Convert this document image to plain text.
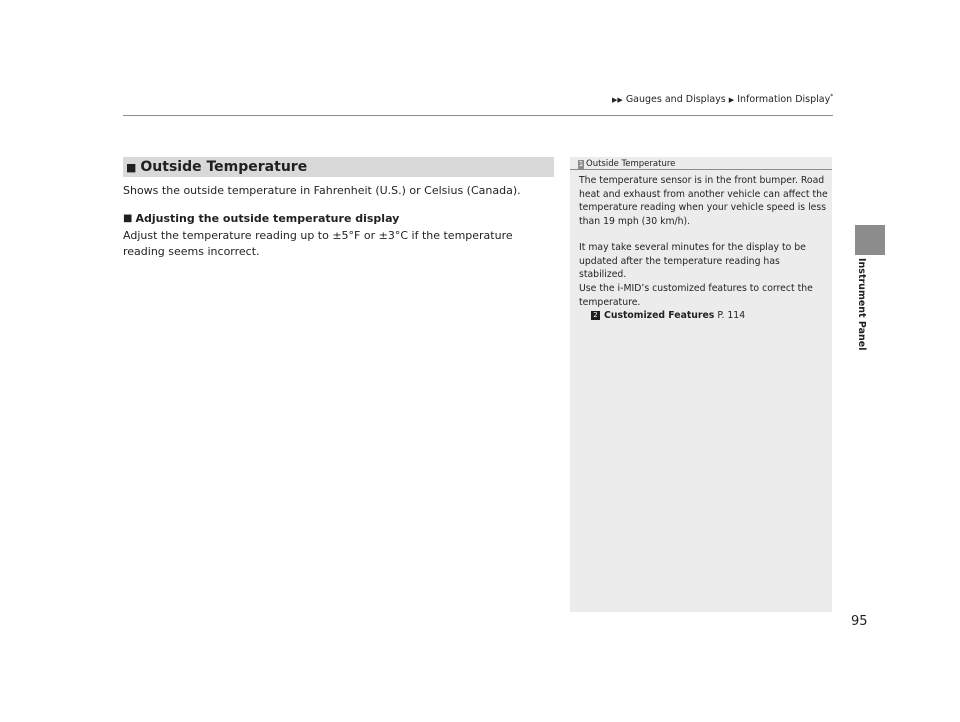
▶▶ Gauges and Displays ▶ Information Display*
Instrument Panel
95
■ Outside Temperature
Shows the outside temperature in Fahrenheit (U.S.) or Celsius (Canada).
■ Adjusting the outside temperature display
Adjust the temperature reading up to ±5°F or ±3°C if the temperature reading seems incorrect.
1 Outside Temperature
The temperature sensor is in the front bumper. Road heat and exhaust from another vehicle can affect the temperature reading when your vehicle speed is less than 19 mph (30 km/h).
It may take several minutes for the display to be updated after the temperature reading has stabilized.
Use the i-MID’s customized features to correct the temperature.
2 Customized Features P. 114
